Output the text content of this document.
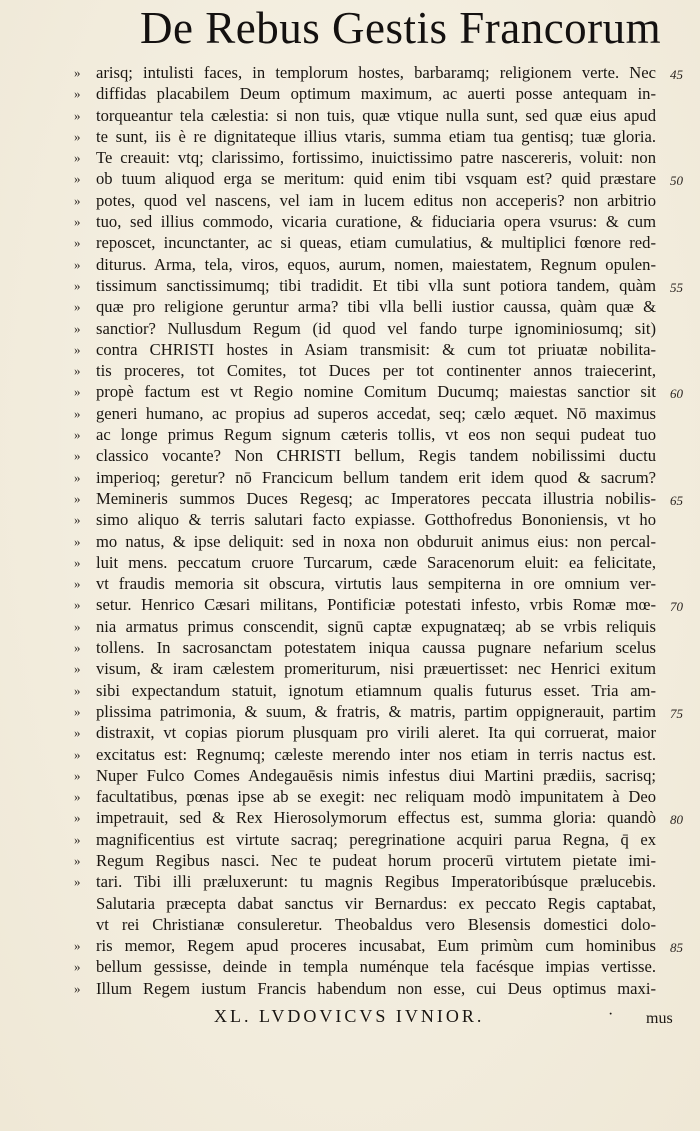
De Rebus Gestis Francorum
» arisq; intulisti faces, in templorum hostes, barbaramq; religionem verte. Nec 45
» diffidas placabilem Deum optimum maximum, ac auerti posse antequam in-
» torqueantur tela cælestia: si non tuis, quæ vtique nulla sunt, sed quæ eius apud
» te sunt, iis è re dignitateque illius vtaris, summa etiam tua gentisq; tuæ gloria.
» Te creauit: vtq; clarissimo, fortissimo, inuictissimo patre nascereris, voluit: non
» ob tuum aliquod erga se meritum: quid enim tibi vsquam est? quid præstare 50
» potes, quod vel nascens, vel iam in lucem editus non acceperis? non arbitrio
» tuo, sed illius commodo, vicaria curatione, & fiduciaria opera vsurus: & cum
» reposcet, incunctanter, ac si queas, etiam cumulatius, & multiplici fœnore red-
» diturus. Arma, tela, viros, equos, aurum, nomen, maiestatem, Regnum opulen-
» tissimum sanctissimumq; tibi tradidit. Et tibi vlla sunt potiora tandem, quàm 55
» quæ pro religione geruntur arma? tibi vlla belli iustior caussa, quàm quæ &
» sanctior? Nullusdum Regum (id quod vel fando turpe ignominiosumq; sit)
» contra CHRISTI hostes in Asiam transmisit: & cum tot priuatæ nobilita-
» tis proceres, tot Comites, tot Duces per tot continenter annos traiecerint,
» propè factum est vt Regio nomine Comitum Ducumq; maiestas sanctior sit 60
» generi humano, ac propius ad superos accedat, seq; cælo æquet. Nō maximus
» ac longe primus Regum signum cæteris tollis, vt eos non sequi pudeat tuo
» classico vocante? Non CHRISTI bellum, Regis tandem nobilissimi ductu
» imperioq; geretur? nō Francicum bellum tandem erit idem quod & sacrum?
» Memineris summos Duces Regesq; ac Imperatores peccata illustria nobilis- 65
» simo aliquo & terris salutari facto expiasse. Gotthofredus Bononiensis, vt ho
» mo natus, & ipse deliquit: sed in noxa non obduruit animus eius: non percal-
» luit mens. peccatum cruore Turcarum, cæde Saracenorum eluit: ea felicitate,
» vt fraudis memoria sit obscura, virtutis laus sempiterna in ore omnium ver-
» setur. Henrico Cæsari militans, Pontificiæ potestati infesto, vrbis Romæ mœ- 70
» nia armatus primus conscendit, signū captæ expugnatæq; ab se vrbis reliquis
» tollens. In sacrosanctam potestatem iniqua caussa pugnare nefarium scelus
» visum, & iram cælestem promeriturum, nisi præuertisset: nec Henrici exitum
» sibi expectandum statuit, ignotum etiamnum qualis futurus esset. Tria am-
» plissima patrimonia, & suum, & fratris, & matris, partim oppignerauit, partim 75
» distraxit, vt copias piorum plusquam pro virili aleret. Ita qui corruerat, maior
» excitatus est: Regnumq; cæleste merendo inter nos etiam in terris nactus est.
» Nuper Fulco Comes Andegauēsis nimis infestus diui Martini prædiis, sacrisq;
» facultatibus, pœnas ipse ab se exegit: nec reliquam modò impunitatem à Deo
» impetrauit, sed & Rex Hierosolymorum effectus est, summa gloria: quandò 80
» magnificentius est virtute sacraq; peregrinatione acquiri parua Regna, q̄ ex
» Regum Regibus nasci. Nec te pudeat horum procerū virtutem pietate imi-
» tari. Tibi illi præluxerunt: tu magnis Regibus Imperatoribúsque prælucebis.
Salutaria præcepta dabat sanctus vir Bernardus: ex peccato Regis captabat,
vt rei Christianæ consuleretur. Theobaldus vero Blesensis domestici dolo-
» ris memor, Regem apud proceres incusabat, Eum primùm cum hominibus 85
» bellum gessisse, deinde in templa numénque tela facésque impias vertisse.
» Illum Regem iustum Francis habendum non esse, cui Deus optimus maxi-
XL. LVDOVICVS IVNIOR.	· mus
